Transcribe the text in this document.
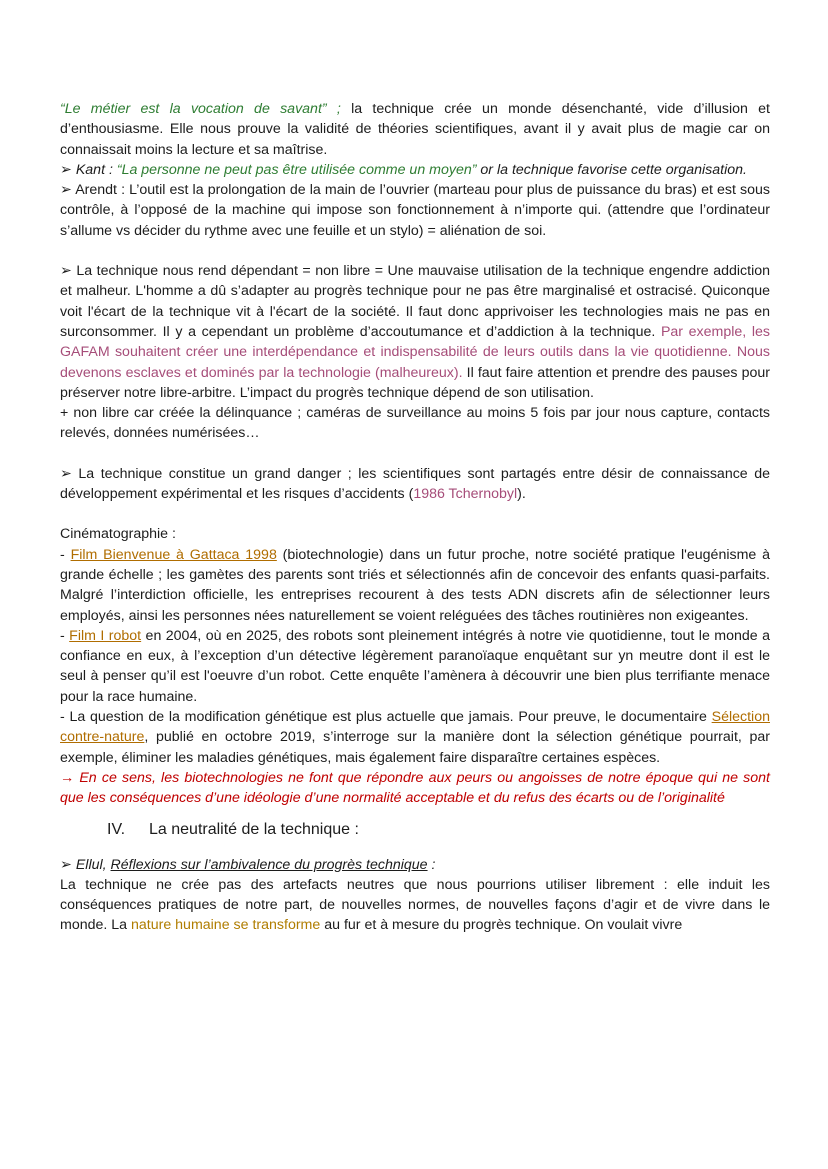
“Le métier est la vocation de savant” ; la technique crée un monde désenchanté, vide d’illusion et d’enthousiasme. Elle nous prouve la validité de théories scientifiques, avant il y avait plus de magie car on connaissait moins la lecture et sa maîtrise.

➢ Kant : “La personne ne peut pas être utilisée comme un moyen” or la technique favorise cette organisation.

➢ Arendt : L’outil est la prolongation de la main de l’ouvrier (marteau pour plus de puissance du bras) et est sous contrôle, à l’opposé de la machine qui impose son fonctionnement à n’importe qui. (attendre que l’ordinateur s’allume vs décider du rythme avec une feuille et un stylo) = aliénation de soi.

➢ La technique nous rend dépendant = non libre = Une mauvaise utilisation de la technique engendre addiction et malheur. L'homme a dû s’adapter au progrès technique pour ne pas être marginalisé et ostracisé. Quiconque voit l'écart de la technique vit à l'écart de la société. Il faut donc apprivoiser les technologies mais ne pas en surconsommer. Il y a cependant un problème d’accoutumance et d’addiction à la technique. Par exemple, les GAFAM souhaitent créer une interdépendance et indispensabilité de leurs outils dans la vie quotidienne. Nous devenons esclaves et dominés par la technologie (malheureux). Il faut faire attention et prendre des pauses pour préserver notre libre-arbitre. L’impact du progrès technique dépend de son utilisation.

+ non libre car créée la délinquance ; caméras de surveillance au moins 5 fois par jour nous capture, contacts relevés, données numérisées…

➢ La technique constitue un grand danger ; les scientifiques sont partagés entre désir de connaissance de développement expérimental et les risques d’accidents (1986 Tchernobyl).

Cinématographie :

- Film Bienvenue à Gattaca 1998 (biotechnologie) dans un futur proche, notre société pratique l'eugénisme à grande échelle ; les gamètes des parents sont triés et sélectionnés afin de concevoir des enfants quasi-parfaits. Malgré l’interdiction officielle, les entreprises recourent à des tests ADN discrets afin de sélectionner leurs employés, ainsi les personnes nées naturellement se voient reléguées des tâches routinières non exigeantes.

- Film I robot en 2004, où en 2025, des robots sont pleinement intégrés à notre vie quotidienne, tout le monde a confiance en eux, à l’exception d’un détective légèrement paranoïaque enquêtant sur yn meutre dont il est le seul à penser qu’il est l'oeuvre d’un robot. Cette enquête l’amènera à découvrir une bien plus terrifiante menace pour la race humaine.

- La question de la modification génétique est plus actuelle que jamais. Pour preuve, le documentaire Sélection contre-nature, publié en octobre 2019, s’interroge sur la manière dont la sélection génétique pourrait, par exemple, éliminer les maladies génétiques, mais également faire disparaître certaines espèces.

→ En ce sens, les biotechnologies ne font que répondre aux peurs ou angoisses de notre époque qui ne sont que les conséquences d’une idéologie d’une normalité acceptable et du refus des écarts ou de l’originalité

IV. La neutralité de la technique :

➢ Ellul, Réflexions sur l’ambivalence du progrès technique :

La technique ne crée pas des artefacts neutres que nous pourrions utiliser librement : elle induit les conséquences pratiques de notre part, de nouvelles normes, de nouvelles façons d’agir et de vivre dans le monde. La nature humaine se transforme au fur et à mesure du progrès technique. On voulait vivre
